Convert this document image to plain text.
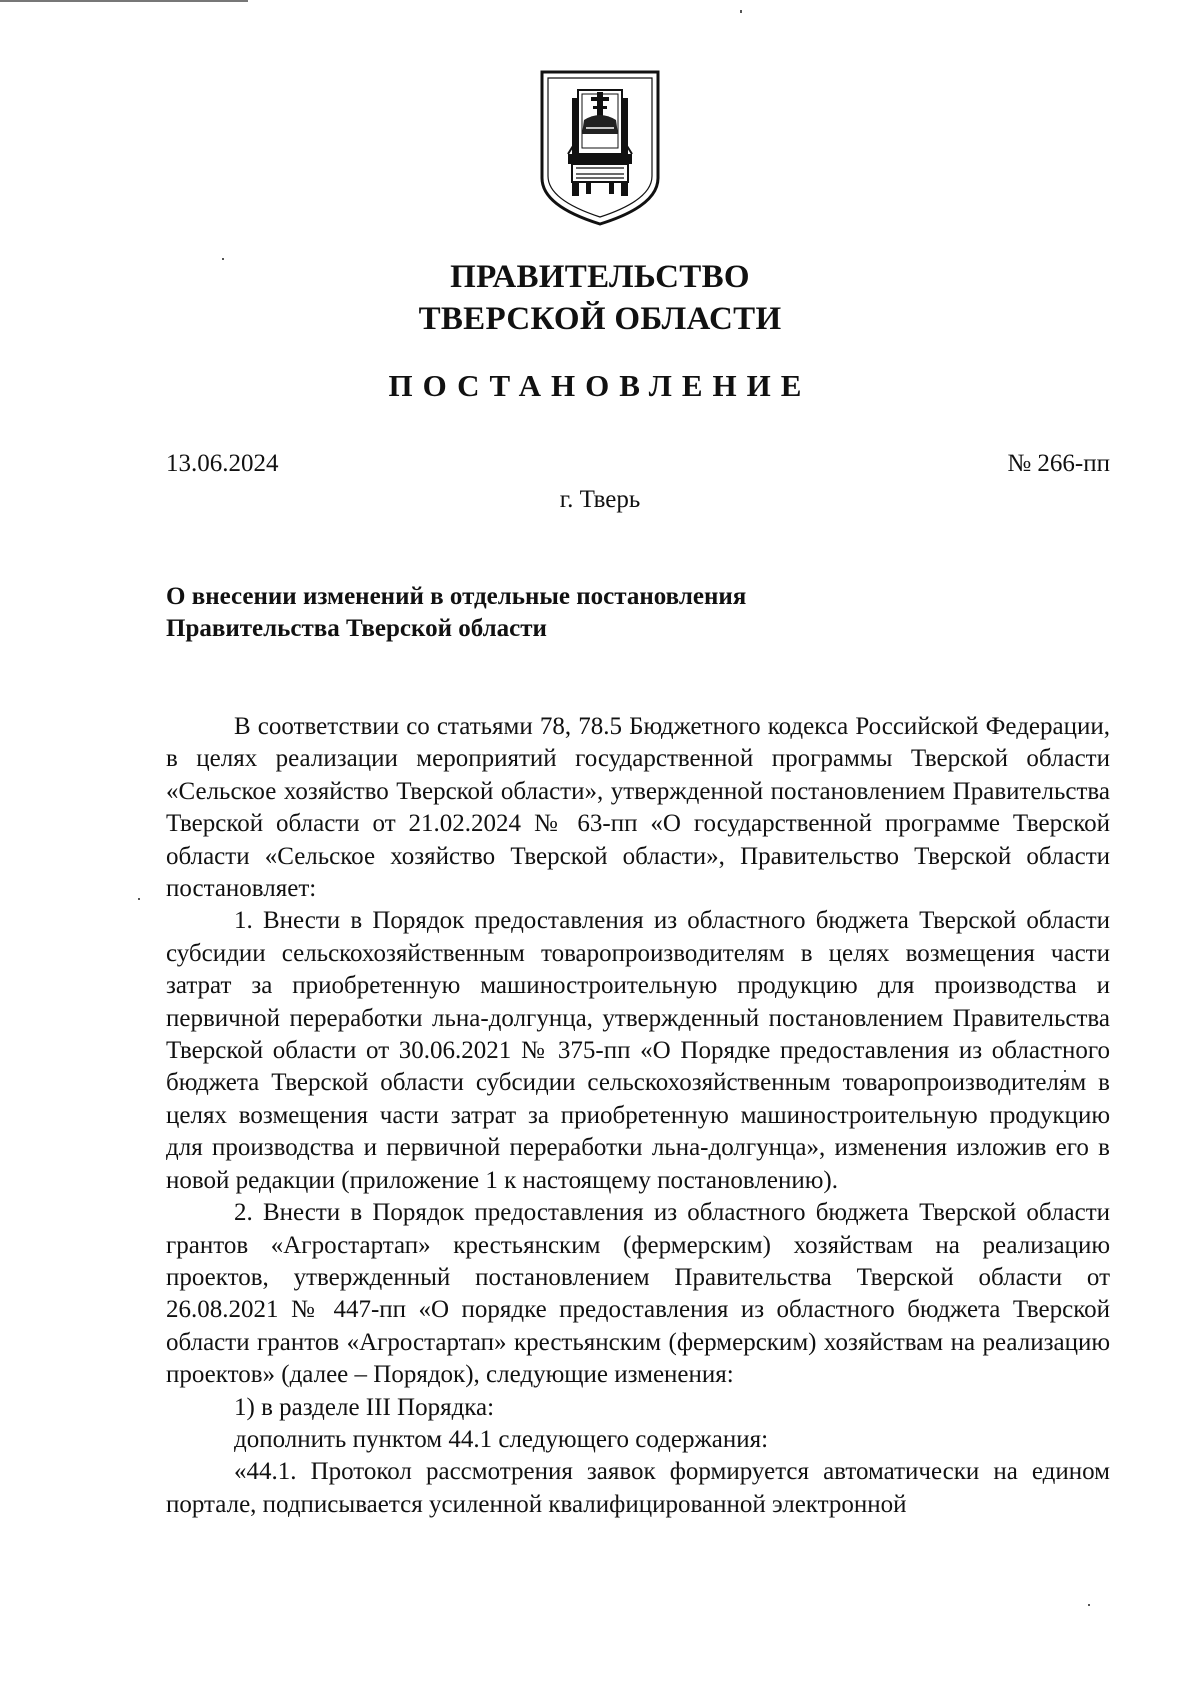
ПРАВИТЕЛЬСТВО
ТВЕРСКОЙ ОБЛАСТИ
ПОСТАНОВЛЕНИЕ
13.06.2024	№ 266-пп
г. Тверь
О внесении изменений в отдельные постановления
Правительства Тверской области

В соответствии со статьями 78, 78.5 Бюджетного кодекса Российской Федерации, в целях реализации мероприятий государственной программы Тверской области «Сельское хозяйство Тверской области», утвержденной постановлением Правительства Тверской области от 21.02.2024 № 63-пп «О государственной программе Тверской области «Сельское хозяйство Тверской области», Правительство Тверской области постановляет:

1. Внести в Порядок предоставления из областного бюджета Тверской области субсидии сельскохозяйственным товаропроизводителям в целях возмещения части затрат за приобретенную машиностроительную продукцию для производства и первичной переработки льна-долгунца, утвержденный постановлением Правительства Тверской области от 30.06.2021 № 375-пп «О Порядке предоставления из областного бюджета Тверской области субсидии сельскохозяйственным товаропроизводителям в целях возмещения части затрат за приобретенную машиностроительную продукцию для производства и первичной переработки льна-долгунца», изменения изложив его в новой редакции (приложение 1 к настоящему постановлению).

2. Внести в Порядок предоставления из областного бюджета Тверской области грантов «Агростартап» крестьянским (фермерским) хозяйствам на реализацию проектов, утвержденный постановлением Правительства Тверской области от 26.08.2021 № 447-пп «О порядке предоставления из областного бюджета Тверской области грантов «Агростартап» крестьянским (фермерским) хозяйствам на реализацию проектов» (далее – Порядок), следующие изменения:

1) в разделе III Порядка:

дополнить пунктом 44.1 следующего содержания:

«44.1. Протокол рассмотрения заявок формируется автоматически на едином портале, подписывается усиленной квалифицированной электронной
